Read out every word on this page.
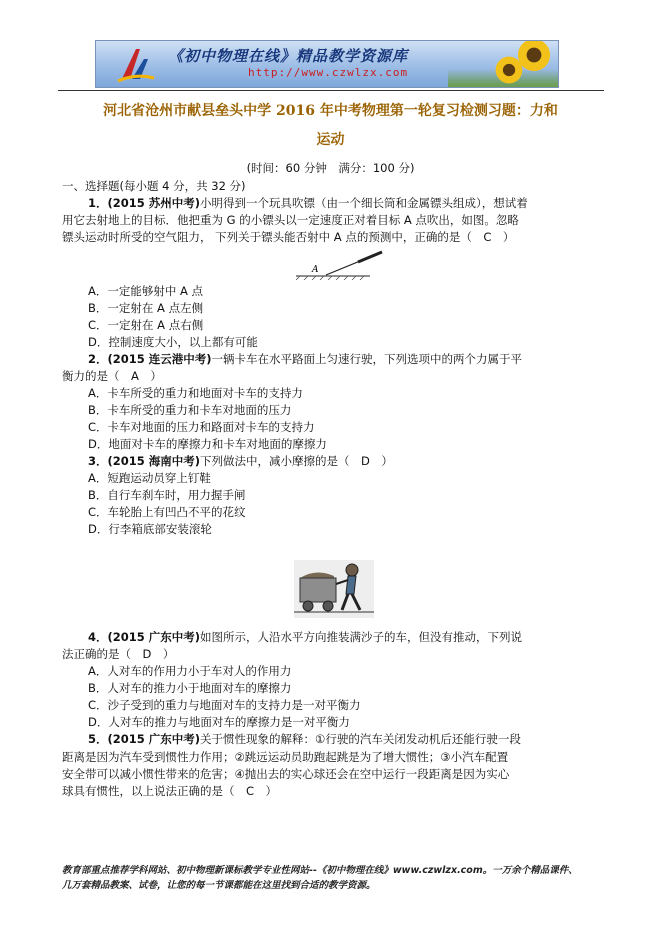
《初中物理在线》精品教学资源库
http://www.czwlzx.com
河北省沧州市献县垒头中学 2016 年中考物理第一轮复习检测习题：力和
运动
(时间：60 分钟　满分：100 分)
一、选择题(每小题 4 分，共 32 分)
1．(2015 苏州中考)小明得到一个玩具吹镖（由一个细长筒和金属镖头组成），想试着
用它去射地上的目标．他把重为 G 的小镖头以一定速度正对着目标 A 点吹出，如图。忽略
镖头运动时所受的空气阻力， 下列关于镖头能否射中 A 点的预测中，正确的是（　C　）
A
A．一定能够射中 A 点
B．一定射在 A 点左侧
C．一定射在 A 点右侧
D．控制速度大小，以上都有可能
2．(2015 连云港中考)一辆卡车在水平路面上匀速行驶，下列选项中的两个力属于平
衡力的是（　A　）
A．卡车所受的重力和地面对卡车的支持力
B．卡车所受的重力和卡车对地面的压力
C．卡车对地面的压力和路面对卡车的支持力
D．地面对卡车的摩擦力和卡车对地面的摩擦力
3．(2015 海南中考)下列做法中，减小摩擦的是（　D　）
A．短跑运动员穿上钉鞋
B．自行车刹车时，用力握手闸
C．车轮胎上有凹凸不平的花纹
D．行李箱底部安装滚轮
4．(2015 广东中考)如图所示，人沿水平方向推装满沙子的车，但没有推动，下列说
法正确的是（　D　）
A．人对车的作用力小于车对人的作用力
B．人对车的推力小于地面对车的摩擦力
C．沙子受到的重力与地面对车的支持力是一对平衡力
D．人对车的推力与地面对车的摩擦力是一对平衡力
5．(2015 广东中考)关于惯性现象的解释：①行驶的汽车关闭发动机后还能行驶一段
距离是因为汽车受到惯性力作用；②跳远运动员助跑起跳是为了增大惯性；③小汽车配置
安全带可以减小惯性带来的危害；④抛出去的实心球还会在空中运行一段距离是因为实心
球具有惯性，以上说法正确的是（　C　）
教育部重点推荐学科网站、初中物理新课标教学专业性网站--《初中物理在线》www.czwlzx.com。一万余个精品课件、
几万套精品教案、试卷，让您的每一节课都能在这里找到合适的教学资源。
